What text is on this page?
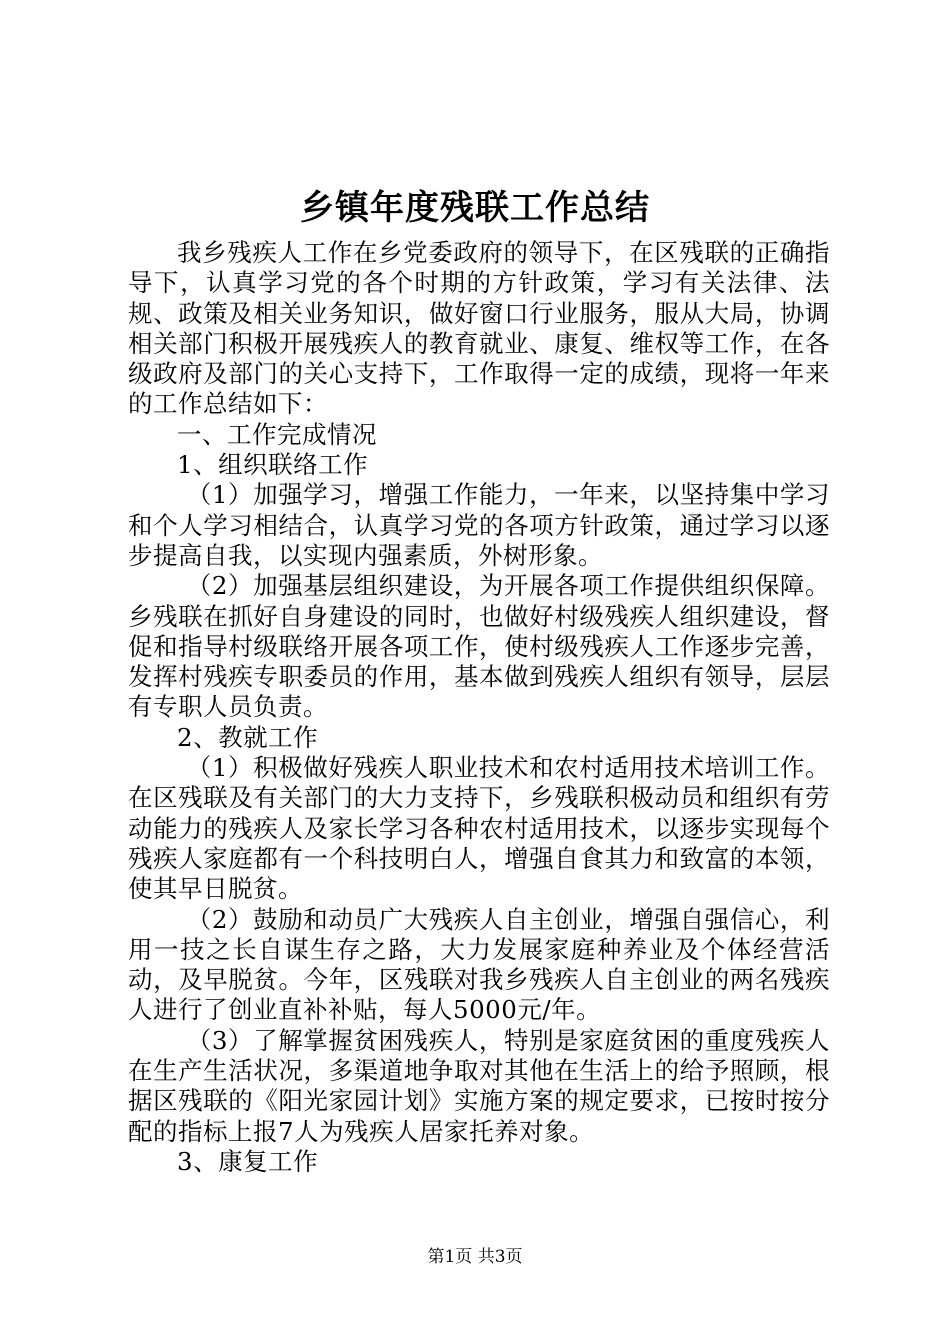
乡镇年度残联工作总结

我乡残疾人工作在乡党委政府的领导下，在区残联的正确指导下，认真学习党的各个时期的方针政策，学习有关法律、法规、政策及相关业务知识，做好窗口行业服务，服从大局，协调相关部门积极开展残疾人的教育就业、康复、维权等工作，在各级政府及部门的关心支持下，工作取得一定的成绩，现将一年来的工作总结如下：

一、工作完成情况

1、组织联络工作

（1）加强学习，增强工作能力，一年来，以坚持集中学习和个人学习相结合，认真学习党的各项方针政策，通过学习以逐步提高自我，以实现内强素质，外树形象。

（2）加强基层组织建设，为开展各项工作提供组织保障。乡残联在抓好自身建设的同时，也做好村级残疾人组织建设，督促和指导村级联络开展各项工作，使村级残疾人工作逐步完善，发挥村残疾专职委员的作用，基本做到残疾人组织有领导，层层有专职人员负责。

2、教就工作

（1）积极做好残疾人职业技术和农村适用技术培训工作。在区残联及有关部门的大力支持下，乡残联积极动员和组织有劳动能力的残疾人及家长学习各种农村适用技术，以逐步实现每个残疾人家庭都有一个科技明白人，增强自食其力和致富的本领，使其早日脱贫。

（2）鼓励和动员广大残疾人自主创业，增强自强信心，利用一技之长自谋生存之路，大力发展家庭种养业及个体经营活动，及早脱贫。今年，区残联对我乡残疾人自主创业的两名残疾人进行了创业直补补贴，每人5000元/年。

（3）了解掌握贫困残疾人，特别是家庭贫困的重度残疾人在生产生活状况，多渠道地争取对其他在生活上的给予照顾，根据区残联的《阳光家园计划》实施方案的规定要求，已按时按分配的指标上报7人为残疾人居家托养对象。

3、康复工作

第1页 共3页
